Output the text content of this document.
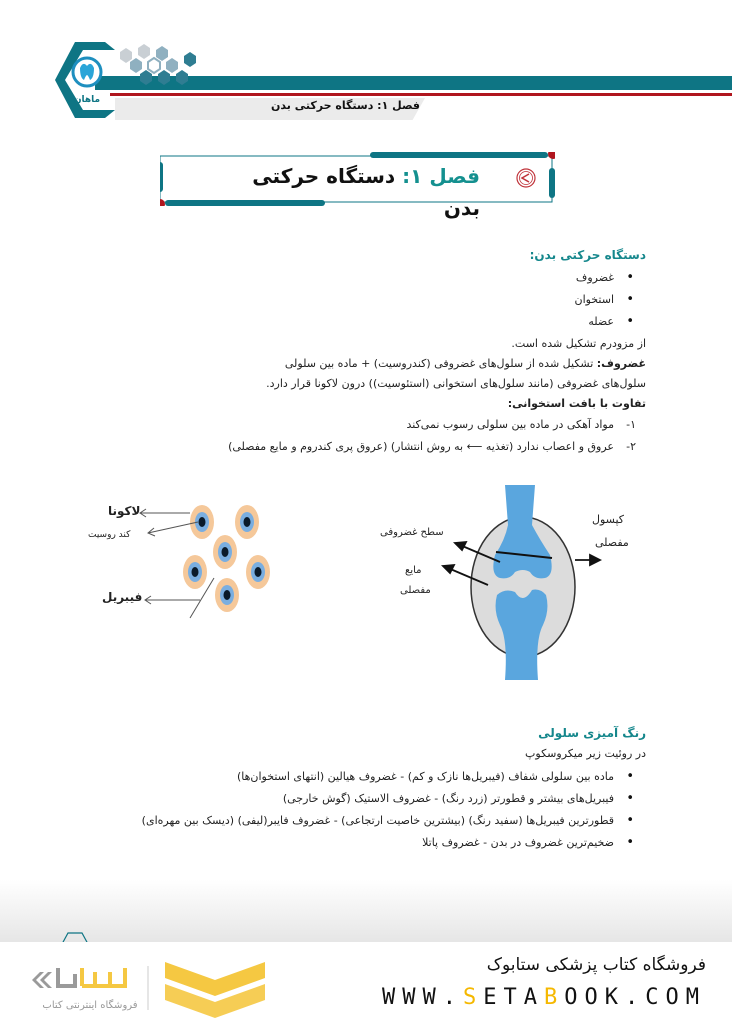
فصل ۱: دستگاه حرکتی بدن
ماهان
فصل ۱: دستگاه حرکتی بدن
دستگاه حرکتی بدن:
• غضروف
• استخوان
• عضله
از مزودرم تشکیل شده است.
غضروف: تشکیل شده از سلول‌های غضروفی (کندروسیت) + ماده بین سلولی
سلول‌های غضروفی (مانند سلول‌های استخوانی (استئوسیت)) درون لاکونا قرار دارد.
تفاوت با بافت استخوانی:
۱-مواد آهکی در ماده بین سلولی رسوب نمی‌کند
۲-عروق و اعصاب ندارد (تغذیه ⟵ به روش انتشار) (عروق پری کندروم و مایع مفصلی)
لاکونا
کند روسیت
فیبریل
سطح غضروفی
مایع
مفصلی
کپسول
مفصلی
رنگ آمیزی سلولی
در روئیت زیر میکروسکوپ
• ماده بین سلولی شفاف (فیبریل‌ها نازک و کم) - غضروف هیالین (انتهای استخوان‌ها)
• فیبریل‌های بیشتر و قطورتر (زرد رنگ) - غضروف الاستیک (گوش خارجی)
• قطورترین فیبریل‌ها (سفید رنگ) (بیشترین خاصیت ارتجاعی) - غضروف فایبر(لیفی) (دیسک بین مهره‌ای)
• ضخیم‌ترین غضروف در بدن - غضروف پاتلا
فروشگاه کتاب پزشکی ستابوک
WWW.SETABOOK.COM
فروشگاه اینترنتی کتاب
